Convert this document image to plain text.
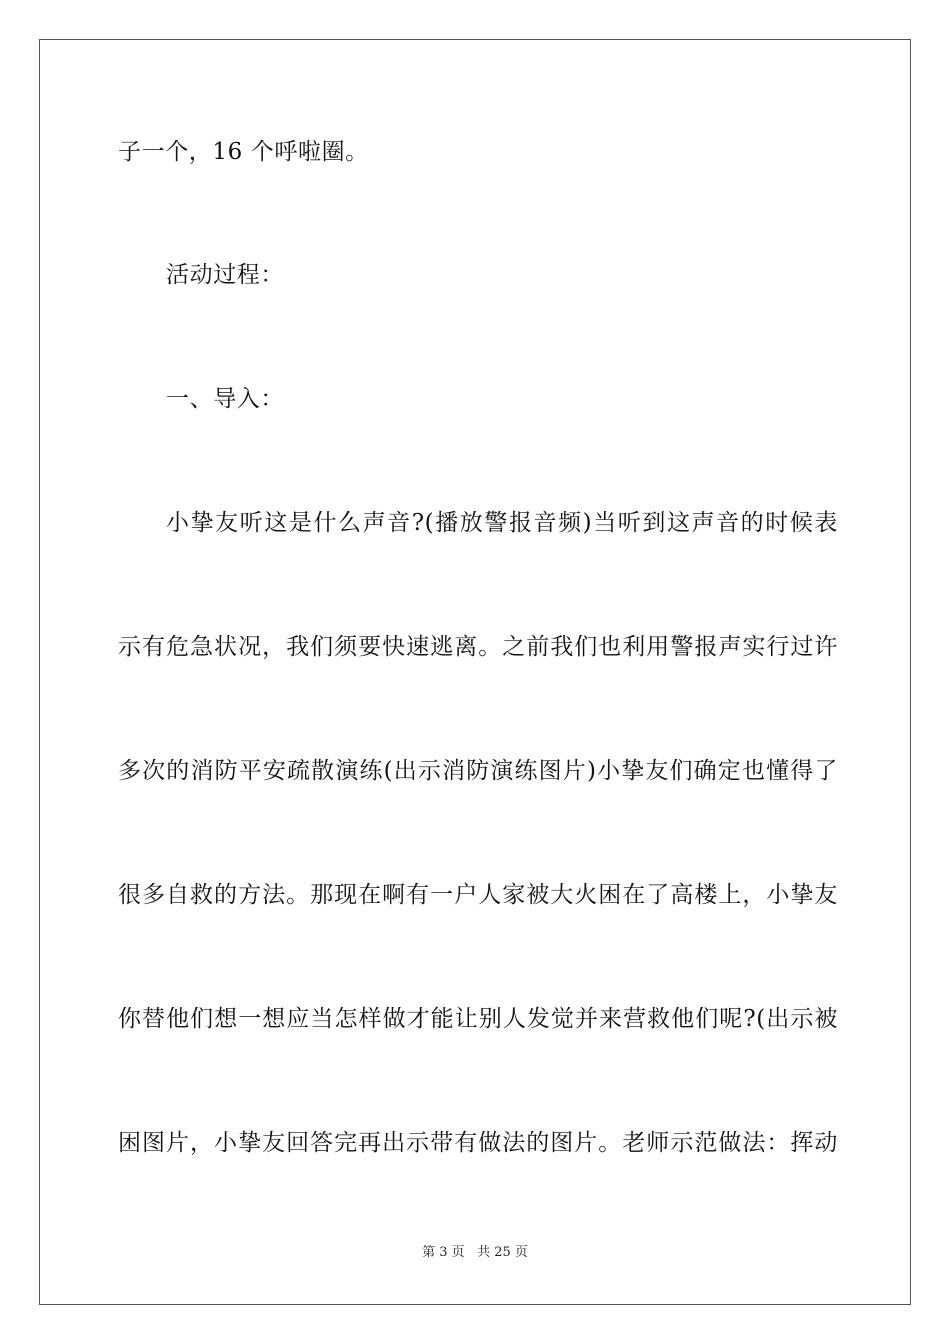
子一个，16 个呼啦圈。
活动过程：
一、导入：
小挚友听这是什么声音?(播放警报音频)当听到这声音的时候表
示有危急状况，我们须要快速逃离。之前我们也利用警报声实行过许
多次的消防平安疏散演练(出示消防演练图片)小挚友们确定也懂得了
很多自救的方法。那现在啊有一户人家被大火困在了高楼上，小挚友
你替他们想一想应当怎样做才能让别人发觉并来营救他们呢?(出示被
困图片，小挚友回答完再出示带有做法的图片。老师示范做法：挥动
第 3 页 共 25 页
